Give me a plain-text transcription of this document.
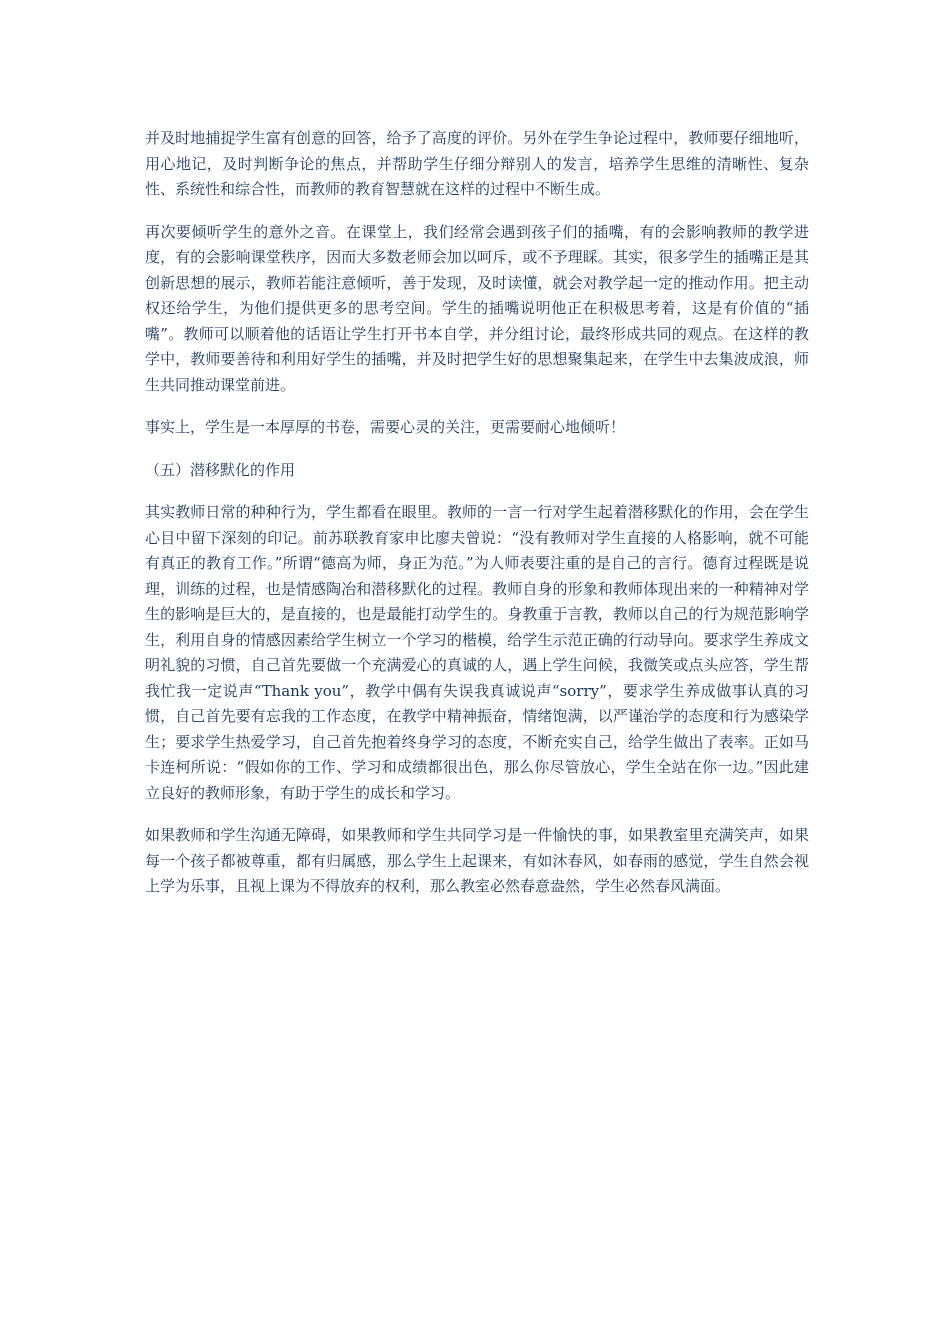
并及时地捕捉学生富有创意的回答，给予了高度的评价。另外在学生争论过程中，教师要仔细地听，用心地记，及时判断争论的焦点，并帮助学生仔细分辩别人的发言，培养学生思维的清晰性、复杂性、系统性和综合性，而教师的教育智慧就在这样的过程中不断生成。

再次要倾听学生的意外之音。在课堂上，我们经常会遇到孩子们的插嘴，有的会影响教师的教学进度，有的会影响课堂秩序，因而大多数老师会加以呵斥，或不予理睬。其实，很多学生的插嘴正是其创新思想的展示，教师若能注意倾听，善于发现，及时读懂，就会对教学起一定的推动作用。把主动权还给学生，为他们提供更多的思考空间。学生的插嘴说明他正在积极思考着，这是有价值的“插嘴”。教师可以顺着他的话语让学生打开书本自学，并分组讨论，最终形成共同的观点。在这样的教学中，教师要善待和利用好学生的插嘴，并及时把学生好的思想聚集起来，在学生中去集波成浪，师生共同推动课堂前进。

事实上，学生是一本厚厚的书卷，需要心灵的关注，更需要耐心地倾听！

（五）潜移默化的作用

其实教师日常的种种行为，学生都看在眼里。教师的一言一行对学生起着潜移默化的作用，会在学生心目中留下深刻的印记。前苏联教育家申比廖夫曾说：“没有教师对学生直接的人格影响，就不可能有真正的教育工作。”所谓“德高为师，身正为范。”为人师表要注重的是自己的言行。德育过程既是说理，训练的过程，也是情感陶冶和潜移默化的过程。教师自身的形象和教师体现出来的一种精神对学生的影响是巨大的，是直接的，也是最能打动学生的。身教重于言教，教师以自己的行为规范影响学生，利用自身的情感因素给学生树立一个学习的楷模，给学生示范正确的行动导向。要求学生养成文明礼貌的习惯，自己首先要做一个充满爱心的真诚的人，遇上学生问候，我微笑或点头应答，学生帮我忙我一定说声“Thank you”，教学中偶有失误我真诚说声“sorry”，要求学生养成做事认真的习惯，自己首先要有忘我的工作态度，在教学中精神振奋，情绪饱满，以严谨治学的态度和行为感染学生；要求学生热爱学习，自己首先抱着终身学习的态度，不断充实自己，给学生做出了表率。正如马卡连柯所说：“假如你的工作、学习和成绩都很出色，那么你尽管放心，学生全站在你一边。”因此建立良好的教师形象，有助于学生的成长和学习。

如果教师和学生沟通无障碍，如果教师和学生共同学习是一件愉快的事，如果教室里充满笑声，如果每一个孩子都被尊重，都有归属感，那么学生上起课来，有如沐春风，如春雨的感觉，学生自然会视上学为乐事，且视上课为不得放弃的权利，那么教室必然春意盎然，学生必然春风满面。
